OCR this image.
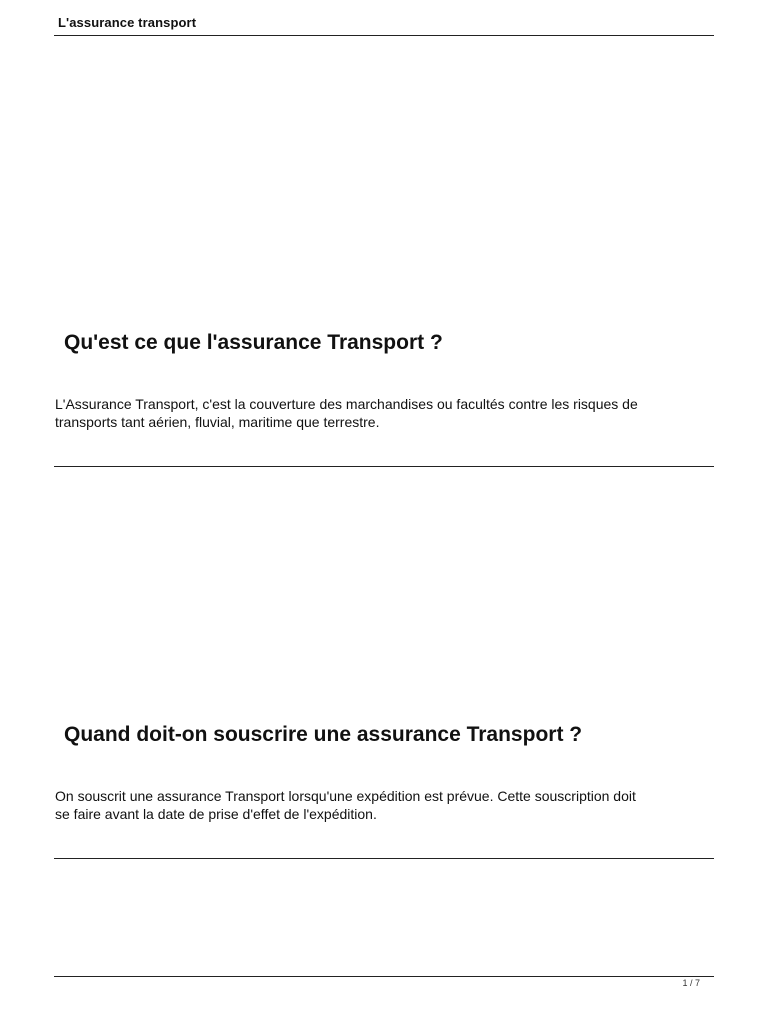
L'assurance transport
Qu'est ce que l'assurance Transport ?

L'Assurance Transport, c'est la couverture des marchandises ou facultés contre les risques de
transports tant aérien, fluvial, maritime que terrestre.

Quand doit-on souscrire une assurance Transport ?

On souscrit une assurance Transport lorsqu'une expédition est prévue. Cette souscription doit
se faire avant la date de prise d'effet de l'expédition.

1 / 7
